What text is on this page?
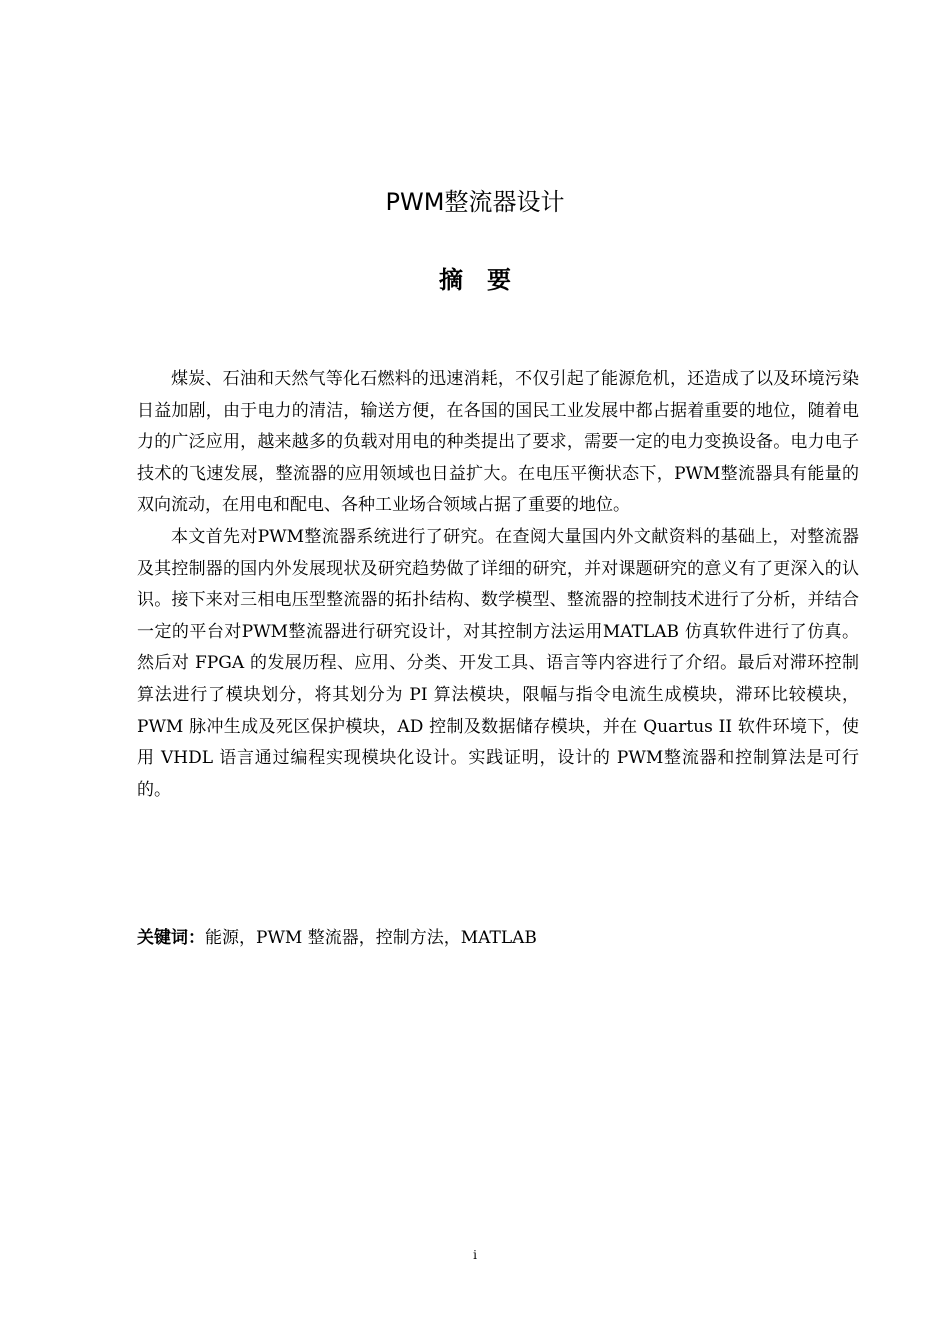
PWM整流器设计
摘要

煤炭、石油和天然气等化石燃料的迅速消耗，不仅引起了能源危机，还造成了以及环境污染日益加剧，由于电力的清洁，输送方便，在各国的国民工业发展中都占据着重要的地位，随着电力的广泛应用，越来越多的负载对用电的种类提出了要求，需要一定的电力变换设备。电力电子技术的飞速发展，整流器的应用领域也日益扩大。在电压平衡状态下，PWM整流器具有能量的双向流动，在用电和配电、各种工业场合领域占据了重要的地位。

本文首先对PWM整流器系统进行了研究。在查阅大量国内外文献资料的基础上，对整流器及其控制器的国内外发展现状及研究趋势做了详细的研究，并对课题研究的意义有了更深入的认识。接下来对三相电压型整流器的拓扑结构、数学模型、整流器的控制技术进行了分析，并结合一定的平台对PWM整流器进行研究设计，对其控制方法运用MATLAB 仿真软件进行了仿真。然后对 FPGA 的发展历程、应用、分类、开发工具、语言等内容进行了介绍。最后对滞环控制算法进行了模块划分，将其划分为 PI 算法模块，限幅与指令电流生成模块，滞环比较模块，PWM 脉冲生成及死区保护模块，AD 控制及数据储存模块，并在 Quartus II 软件环境下，使用 VHDL 语言通过编程实现模块化设计。实践证明，设计的 PWM整流器和控制算法是可行的。

关键词：能源，PWM 整流器，控制方法，MATLAB
i
